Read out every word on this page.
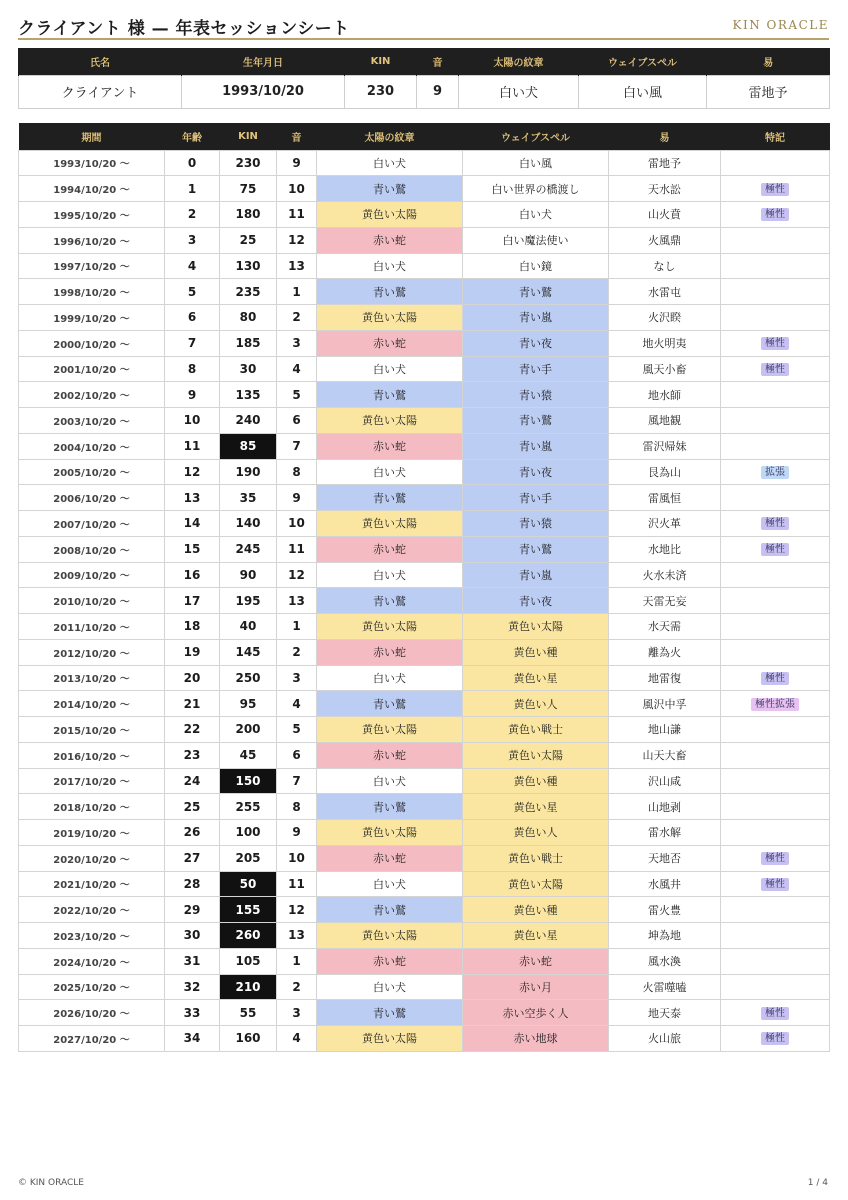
クライアント 様 — 年表セッションシート	KIN ORACLE
氏名	生年月日	KIN	音	太陽の紋章	ウェイブスペル	易
クライアント	1993/10/20	230	9	白い犬	白い風	雷地予
期間	年齢	KIN	音	太陽の紋章	ウェイブスペル	易	特記
1993/10/20 〜	0	230	9	白い犬	白い風	雷地予	
1994/10/20 〜	1	75	10	青い鷲	白い世界の橋渡し	天水訟	極性
1995/10/20 〜	2	180	11	黄色い太陽	白い犬	山火賁	極性
1996/10/20 〜	3	25	12	赤い蛇	白い魔法使い	火風鼎	
1997/10/20 〜	4	130	13	白い犬	白い鏡	なし	
1998/10/20 〜	5	235	1	青い鷲	青い鷲	水雷屯	
1999/10/20 〜	6	80	2	黄色い太陽	青い嵐	火沢睽	
2000/10/20 〜	7	185	3	赤い蛇	青い夜	地火明夷	極性
2001/10/20 〜	8	30	4	白い犬	青い手	風天小畜	極性
2002/10/20 〜	9	135	5	青い鷲	青い猿	地水師	
2003/10/20 〜	10	240	6	黄色い太陽	青い鷲	風地観	
2004/10/20 〜	11	85	7	赤い蛇	青い嵐	雷沢帰妹	
2005/10/20 〜	12	190	8	白い犬	青い夜	艮為山	拡張
2006/10/20 〜	13	35	9	青い鷲	青い手	雷風恒	
2007/10/20 〜	14	140	10	黄色い太陽	青い猿	沢火革	極性
2008/10/20 〜	15	245	11	赤い蛇	青い鷲	水地比	極性
2009/10/20 〜	16	90	12	白い犬	青い嵐	火水未済	
2010/10/20 〜	17	195	13	青い鷲	青い夜	天雷无妄	
2011/10/20 〜	18	40	1	黄色い太陽	黄色い太陽	水天需	
2012/10/20 〜	19	145	2	赤い蛇	黄色い種	離為火	
2013/10/20 〜	20	250	3	白い犬	黄色い星	地雷復	極性
2014/10/20 〜	21	95	4	青い鷲	黄色い人	風沢中孚	極性拡張
2015/10/20 〜	22	200	5	黄色い太陽	黄色い戦士	地山謙	
2016/10/20 〜	23	45	6	赤い蛇	黄色い太陽	山天大畜	
2017/10/20 〜	24	150	7	白い犬	黄色い種	沢山咸	
2018/10/20 〜	25	255	8	青い鷲	黄色い星	山地剥	
2019/10/20 〜	26	100	9	黄色い太陽	黄色い人	雷水解	
2020/10/20 〜	27	205	10	赤い蛇	黄色い戦士	天地否	極性
2021/10/20 〜	28	50	11	白い犬	黄色い太陽	水風井	極性
2022/10/20 〜	29	155	12	青い鷲	黄色い種	雷火豊	
2023/10/20 〜	30	260	13	黄色い太陽	黄色い星	坤為地	
2024/10/20 〜	31	105	1	赤い蛇	赤い蛇	風水渙	
2025/10/20 〜	32	210	2	白い犬	赤い月	火雷噬嗑	
2026/10/20 〜	33	55	3	青い鷲	赤い空歩く人	地天泰	極性
2027/10/20 〜	34	160	4	黄色い太陽	赤い地球	火山旅	極性
© KIN ORACLE	1 / 4
